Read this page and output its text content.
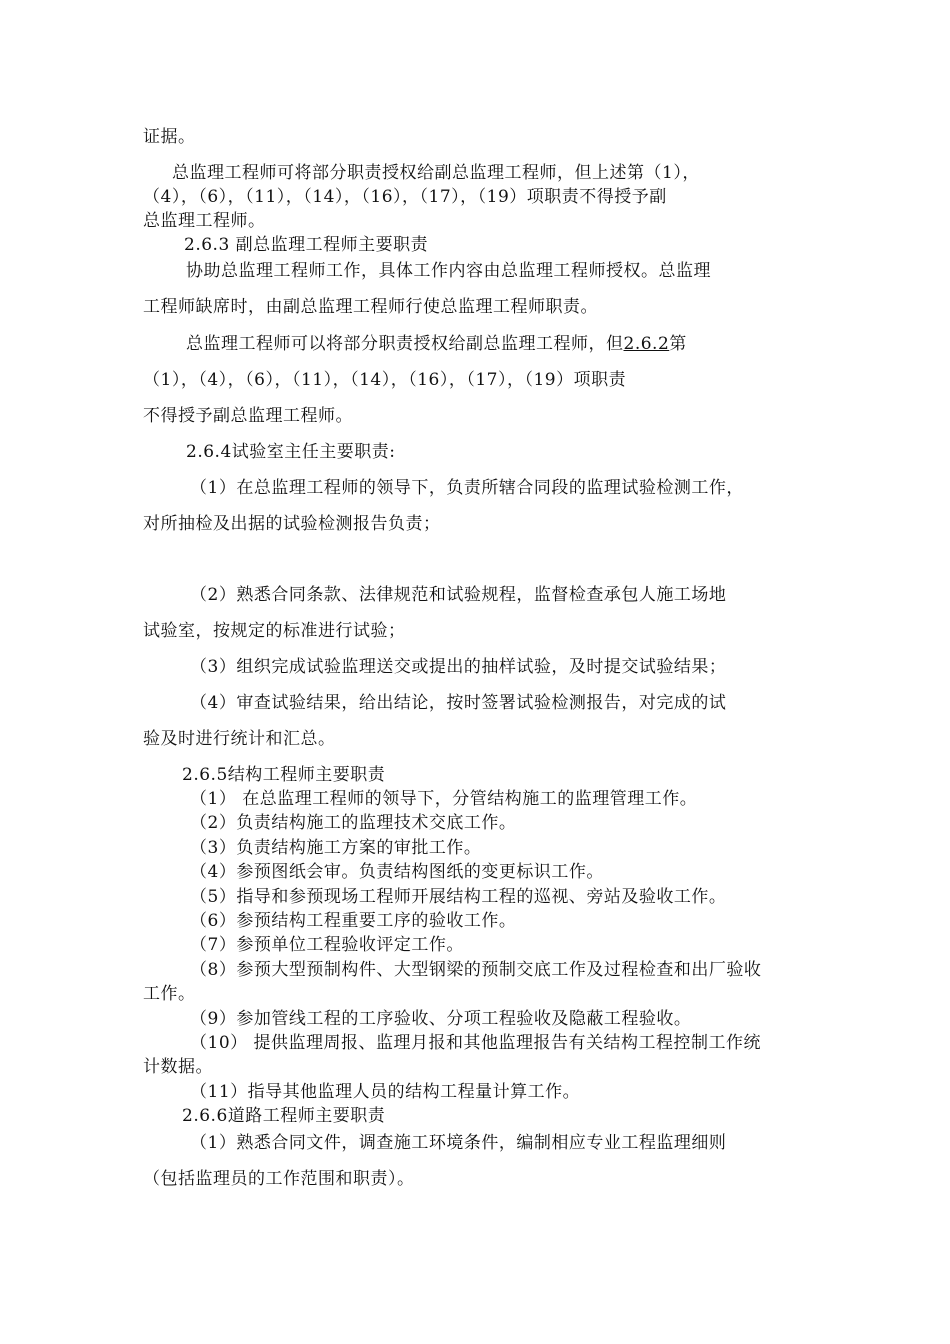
证据。
总监理工程师可将部分职责授权给副总监理工程师，但上述第（1），
（4），（6），（11），（14），（16），（17），（19）项职责不得授予副
总监理工程师。
2.6.3 副总监理工程师主要职责
协助总监理工程师工作，具体工作内容由总监理工程师授权。总监理
工程师缺席时，由副总监理工程师行使总监理工程师职责。
总监理工程师可以将部分职责授权给副总监理工程师，但2.6.2第
（1），（4），（6），（11），（14），（16），（17），（19）项职责
不得授予副总监理工程师。
2.6.4试验室主任主要职责:
（1）在总监理工程师的领导下，负责所辖合同段的监理试验检测工作，
对所抽检及出据的试验检测报告负责；
（2）熟悉合同条款、法律规范和试验规程，监督检查承包人施工场地
试验室，按规定的标准进行试验；
（3）组织完成试验监理送交或提出的抽样试验，及时提交试验结果；
（4）审查试验结果，给出结论，按时签署试验检测报告，对完成的试
验及时进行统计和汇总。
2.6.5结构工程师主要职责
（1） 在总监理工程师的领导下，分管结构施工的监理管理工作。
（2）负责结构施工的监理技术交底工作。
（3）负责结构施工方案的审批工作。
（4）参预图纸会审。负责结构图纸的变更标识工作。
（5）指导和参预现场工程师开展结构工程的巡视、旁站及验收工作。
（6）参预结构工程重要工序的验收工作。
（7）参预单位工程验收评定工作。
（8）参预大型预制构件、大型钢梁的预制交底工作及过程检查和出厂验收
工作。
（9）参加管线工程的工序验收、分项工程验收及隐蔽工程验收。
（10） 提供监理周报、监理月报和其他监理报告有关结构工程控制工作统
计数据。
（11）指导其他监理人员的结构工程量计算工作。
2.6.6道路工程师主要职责
（1）熟悉合同文件，调查施工环境条件，编制相应专业工程监理细则
（包括监理员的工作范围和职责）。
